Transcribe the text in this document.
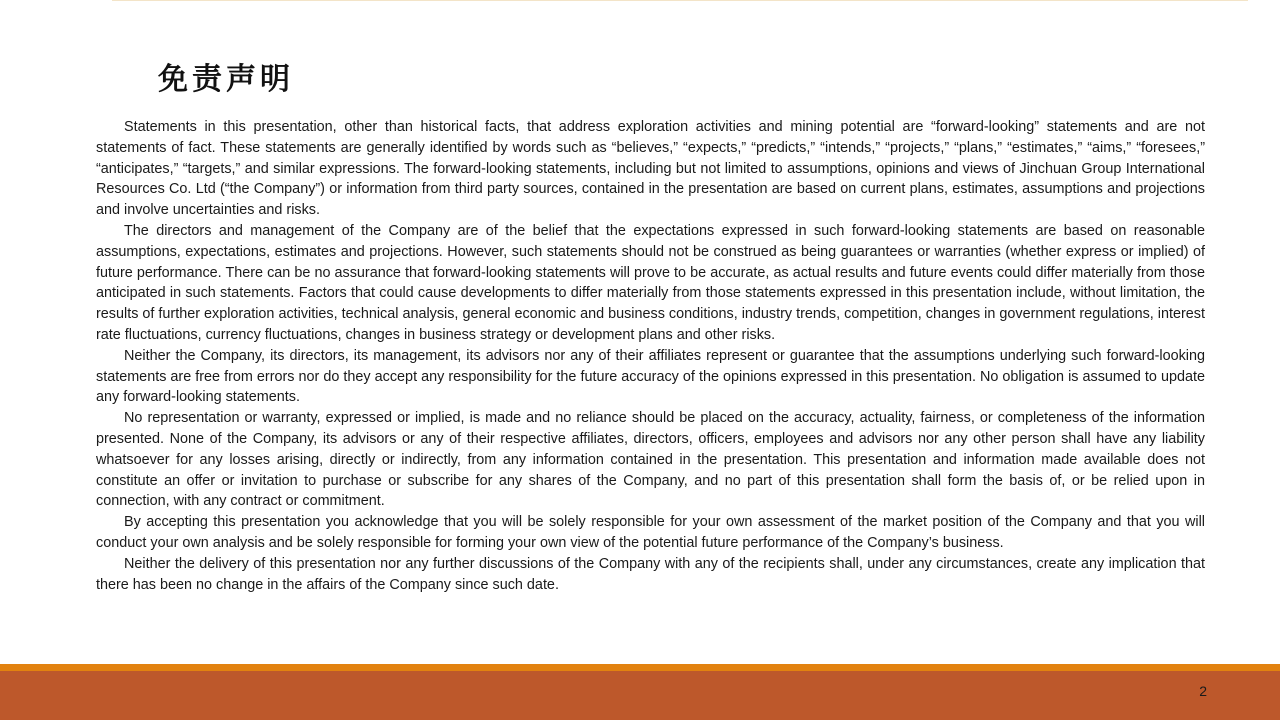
免责声明

Statements in this presentation, other than historical facts, that address exploration activities and mining potential are “forward-looking” statements and are not statements of fact. These statements are generally identified by words such as “believes,” “expects,” “predicts,” “intends,” “projects,” “plans,” “estimates,” “aims,” “foresees,” “anticipates,” “targets,” and similar expressions. The forward-looking statements, including but not limited to assumptions, opinions and views of Jinchuan Group International Resources Co. Ltd (“the Company”) or information from third party sources, contained in the presentation are based on current plans, estimates, assumptions and projections and involve uncertainties and risks.

The directors and management of the Company are of the belief that the expectations expressed in such forward-looking statements are based on reasonable assumptions, expectations, estimates and projections. However, such statements should not be construed as being guarantees or warranties (whether express or implied) of future performance. There can be no assurance that forward-looking statements will prove to be accurate, as actual results and future events could differ materially from those anticipated in such statements. Factors that could cause developments to differ materially from those statements expressed in this presentation include, without limitation, the results of further exploration activities, technical analysis, general economic and business conditions, industry trends, competition, changes in government regulations, interest rate fluctuations, currency fluctuations, changes in business strategy or development plans and other risks.

Neither the Company, its directors, its management, its advisors nor any of their affiliates represent or guarantee that the assumptions underlying such forward-looking statements are free from errors nor do they accept any responsibility for the future accuracy of the opinions expressed in this presentation. No obligation is assumed to update any forward-looking statements.

No representation or warranty, expressed or implied, is made and no reliance should be placed on the accuracy, actuality, fairness, or completeness of the information presented. None of the Company, its advisors or any of their respective affiliates, directors, officers, employees and advisors nor any other person shall have any liability whatsoever for any losses arising, directly or indirectly, from any information contained in the presentation. This presentation and information made available does not constitute an offer or invitation to purchase or subscribe for any shares of the Company, and no part of this presentation shall form the basis of, or be relied upon in connection, with any contract or commitment.

By accepting this presentation you acknowledge that you will be solely responsible for your own assessment of the market position of the Company and that you will conduct your own analysis and be solely responsible for forming your own view of the potential future performance of the Company’s business.

Neither the delivery of this presentation nor any further discussions of the Company with any of the recipients shall, under any circumstances, create any implication that there has been no change in the affairs of the Company since such date.

2
